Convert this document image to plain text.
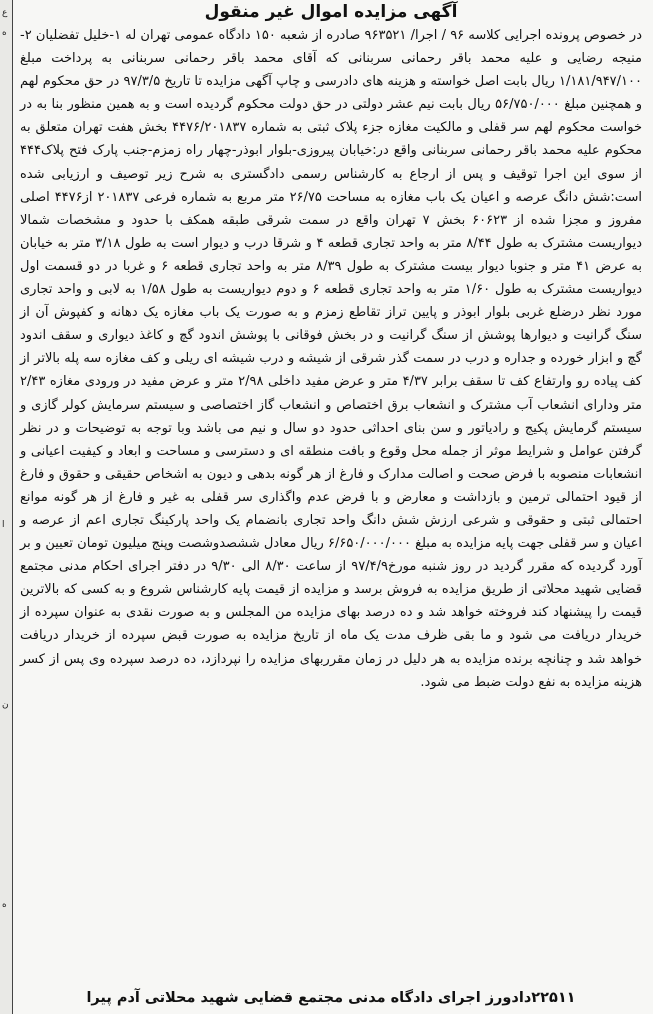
ع
ه
ا
ن
ه
آگهی مزایده اموال غیر منقول
در خصوص پرونده اجرایی کلاسه ۹۶ / اجرا/ ۹۶۳۵۲۱ صادره از شعبه ۱۵۰ دادگاه عمومی تهران له ۱-خلیل تفضلیان ۲- منیجه رضایی و علیه محمد باقر رحمانی سربنانی که آقای محمد باقر رحمانی سربنانی به پرداخت مبلغ ۱/۱۸۱/۹۴۷/۱۰۰ ریال بابت اصل خواسته و هزینه های دادرسی و چاپ آگهی مزایده تا تاریخ ۹۷/۳/۵ در حق محکوم لهم و همچنین مبلغ ۵۶/۷۵۰/۰۰۰ ریال بابت نیم عشر دولتی در حق دولت محکوم گردیده است و به همین منظور بنا به در خواست محکوم لهم سر قفلی و مالکیت مغازه جزء پلاک ثبتی به شماره ۴۴۷۶/۲۰۱۸۳۷ بخش هفت تهران متعلق به محکوم علیه محمد باقر رحمانی سربنانی واقع در:خیابان پیروزی-بلوار ابوذر-چهار راه زمزم-جنب پارک فتح پلاک۴۴۴ از سوی این اجرا توقیف و پس از ارجاع به کارشناس رسمی دادگستری به شرح زیر توصیف و ارزیابی شده است:شش دانگ عرصه و اعیان یک باب مغازه به مساحت ۲۶/۷۵ متر مربع به شماره فرعی ۲۰۱۸۳۷ از۴۴۷۶ اصلی مفروز و مجزا شده از ۶۰۶۲۳ بخش ۷ تهران واقع در سمت شرقی طبقه همکف با حدود و مشخصات شمالا دیواریست مشترک به طول ۸/۴۴ متر به واحد تجاری قطعه ۴ و شرقا درب و دیوار است به طول ۳/۱۸ متر به خیابان به عرض ۴۱ متر و جنوبا دیوار بیست مشترک به طول ۸/۳۹ متر به واحد تجاری قطعه ۶ و غربا در دو قسمت اول دیواریست مشترک به طول ۱/۶۰ متر به واحد تجاری قطعه ۶ و دوم دیواریست به طول ۱/۵۸ به لابی و واحد تجاری مورد نظر درضلع غربی بلوار ابوذر و پایین تراز تقاطع زمزم و به صورت یک باب مغازه یک دهانه و کفپوش آن از سنگ گرانیت و دیوارها پوشش از سنگ گرانیت و در بخش فوقانی با پوشش اندود گچ و کاغذ دیواری و سقف اندود گچ و ابزار خورده و جداره و درب در سمت گذر شرقی از شیشه و درب شیشه ای ریلی و کف مغازه سه پله بالاتر از کف پیاده رو وارتفاع کف تا سقف برابر ۴/۳۷ متر و عرض مفید داخلی ۲/۹۸ متر و عرض مفید در ورودی مغازه ۲/۴۳ متر ودارای انشعاب آب مشترک و انشعاب برق اختصاص و انشعاب گاز اختصاصی و سیستم سرمایش کولر گازی و سیستم گرمایش پکیج و رادیاتور و سن بنای احداثی حدود دو سال و نیم می باشد وبا توجه به توضیحات و در نظر گرفتن عوامل و شرایط موثر از جمله محل وقوع و بافت منطقه ای و دسترسی و مساحت و ابعاد و کیفیت اعیانی و انشعابات منصوبه با فرض صحت و اصالت مدارک و فارغ از هر گونه بدهی و دیون به اشخاص حقیقی و حقوق و فارغ از قیود احتمالی ترمین و بازداشت و معارض و با فرض عدم واگذاری سر قفلی به غیر و فارغ از هر گونه موانع احتمالی ثبتی و حقوقی و شرعی ارزش شش دانگ واحد تجاری بانضمام یک واحد پارکینگ تجاری اعم از عرصه و اعیان و سر قفلی جهت پایه مزایده به مبلغ ۶/۶۵۰/۰۰۰/۰۰۰ ریال معادل ششصدوشصت وپنج میلیون تومان تعیین و بر آورد گردیده که مقرر گردید در روز شنبه مورخ۹۷/۴/۹ از ساعت ۸/۳۰ الی ۹/۳۰ در دفتر اجرای احکام مدنی مجتمع قضایی شهید محلاتی از طریق مزایده به فروش برسد و مزایده از قیمت پایه کارشناس شروع و به کسی که بالاترین قیمت را پیشنهاد کند فروخته خواهد شد و ده درصد بهای مزایده من المجلس و به صورت نقدی به عنوان سپرده از خریدار دریافت می شود و ما بقی ظرف مدت یک ماه از تاریخ مزایده به صورت قبض سپرده از خریدار دریافت خواهد شد و چنانچه برنده مزایده به هر دلیل در زمان مقرربهای مزایده را نپردازد، ده درصد سپرده وی پس از کسر هزینه مزایده به نفع دولت ضبط می شود.
۲۲۵۱۱دادورز اجرای دادگاه مدنی مجتمع قضایی شهید محلاتی آدم پیرا
